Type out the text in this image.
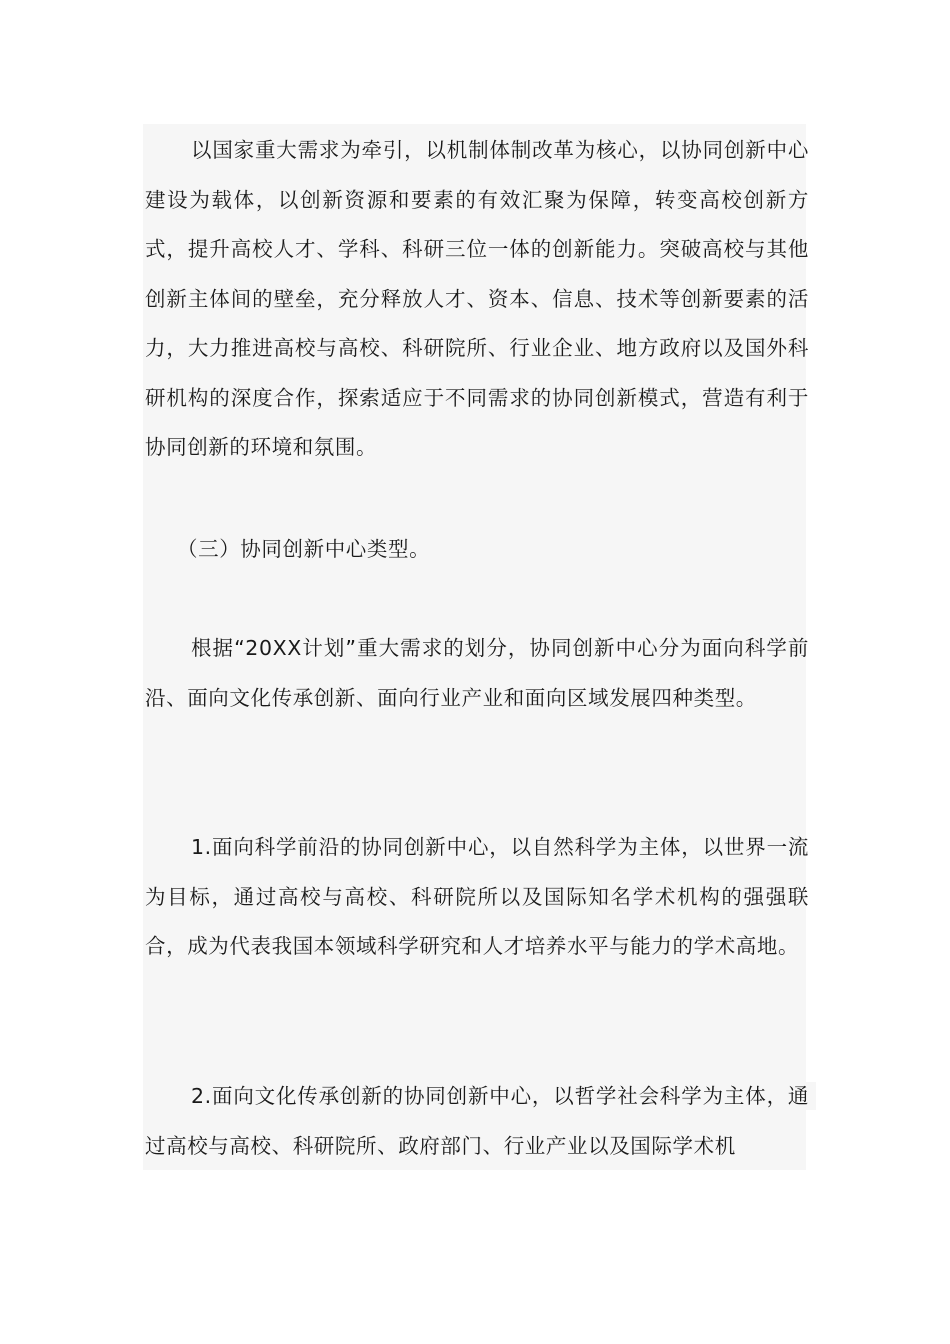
以国家重大需求为牵引，以机制体制改革为核心，以协同创新中心建设为载体，以创新资源和要素的有效汇聚为保障，转变高校创新方式，提升高校人才、学科、科研三位一体的创新能力。突破高校与其他创新主体间的壁垒，充分释放人才、资本、信息、技术等创新要素的活力，大力推进高校与高校、科研院所、行业企业、地方政府以及国外科研机构的深度合作，探索适应于不同需求的协同创新模式，营造有利于协同创新的环境和氛围。

（三）协同创新中心类型。

根据“20XX计划”重大需求的划分，协同创新中心分为面向科学前沿、面向文化传承创新、面向行业产业和面向区域发展四种类型。

1.面向科学前沿的协同创新中心，以自然科学为主体，以世界一流为目标，通过高校与高校、科研院所以及国际知名学术机构的强强联合，成为代表我国本领域科学研究和人才培养水平与能力的学术高地。

2.面向文化传承创新的协同创新中心，以哲学社会科学为主体，通过高校与高校、科研院所、政府部门、行业产业以及国际学术机
